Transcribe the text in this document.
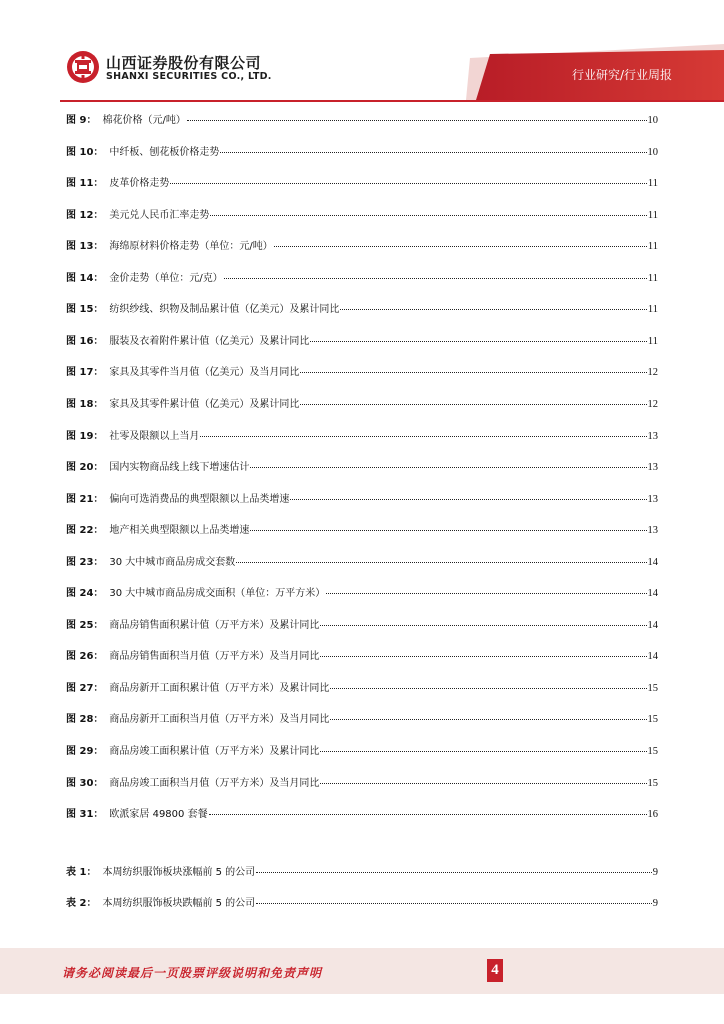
山西证券股份有限公司
SHANXI SECURITIES CO., LTD.	行业研究/行业周报
图 9： 棉花价格（元/吨）	10
图 10： 中纤板、刨花板价格走势	10
图 11： 皮革价格走势	11
图 12： 美元兑人民币汇率走势	11
图 13： 海绵原材料价格走势（单位：元/吨）	11
图 14： 金价走势（单位：元/克）	11
图 15： 纺织纱线、织物及制品累计值（亿美元）及累计同比	11
图 16： 服装及衣着附件累计值（亿美元）及累计同比	11
图 17： 家具及其零件当月值（亿美元）及当月同比	12
图 18： 家具及其零件累计值（亿美元）及累计同比	12
图 19： 社零及限额以上当月	13
图 20： 国内实物商品线上线下增速估计	13
图 21： 偏向可选消费品的典型限额以上品类增速	13
图 22： 地产相关典型限额以上品类增速	13
图 23： 30 大中城市商品房成交套数	14
图 24： 30 大中城市商品房成交面积（单位：万平方米）	14
图 25： 商品房销售面积累计值（万平方米）及累计同比	14
图 26： 商品房销售面积当月值（万平方米）及当月同比	14
图 27： 商品房新开工面积累计值（万平方米）及累计同比	15
图 28： 商品房新开工面积当月值（万平方米）及当月同比	15
图 29： 商品房竣工面积累计值（万平方米）及累计同比	15
图 30： 商品房竣工面积当月值（万平方米）及当月同比	15
图 31： 欧派家居 49800 套餐	16
表 1： 本周纺织服饰板块涨幅前 5 的公司	9
表 2： 本周纺织服饰板块跌幅前 5 的公司	9
请务必阅读最后一页股票评级说明和免责声明	4
